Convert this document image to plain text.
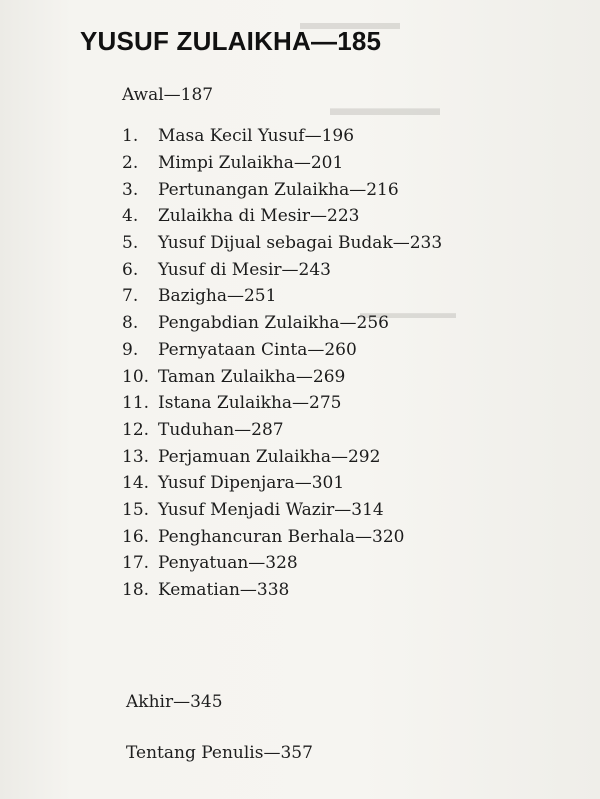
▬▬▬▬▬
▬▬▬▬▬
▬▬▬▬▬▬
YUSUF ZULAIKHA—185
Awal—187
1.	Masa Kecil Yusuf—196
2.	Mimpi Zulaikha—201
3.	Pertunangan Zulaikha—216
4.	Zulaikha di Mesir—223
5.	Yusuf Dijual sebagai Budak—233
6.	Yusuf di Mesir—243
7.	Bazigha—251
8.	Pengabdian Zulaikha—256
9.	Pernyataan Cinta—260
10. Taman Zulaikha—269
11. Istana Zulaikha—275
12. Tuduhan—287
13. Perjamuan Zulaikha—292
14. Yusuf Dipenjara—301
15. Yusuf Menjadi Wazir—314
16. Penghancuran Berhala—320
17. Penyatuan—328
18. Kematian—338
Akhir—345
Tentang Penulis—357
